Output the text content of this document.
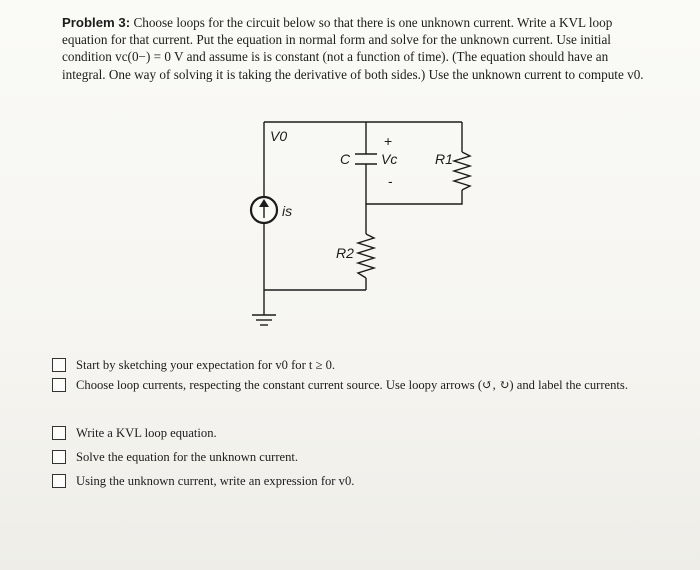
Problem 3: Choose loops for the circuit below so that there is one unknown current. Write a KVL loop equation for that current. Put the equation in normal form and solve for the unknown current. Use initial condition vc(0−) = 0 V and assume is is constant (not a function of time). (The equation should have an integral. One way of solving it is taking the derivative of both sides.) Use the unknown current to compute v0.

V0
C Vc
+
-
R1
R2
is
Start by sketching your expectation for v0 for t ≥ 0.
Choose loop currents, respecting the constant current source. Use loopy arrows (↺, ↻) and label the currents.
Write a KVL loop equation.
Solve the equation for the unknown current.
Using the unknown current, write an expression for v0.
